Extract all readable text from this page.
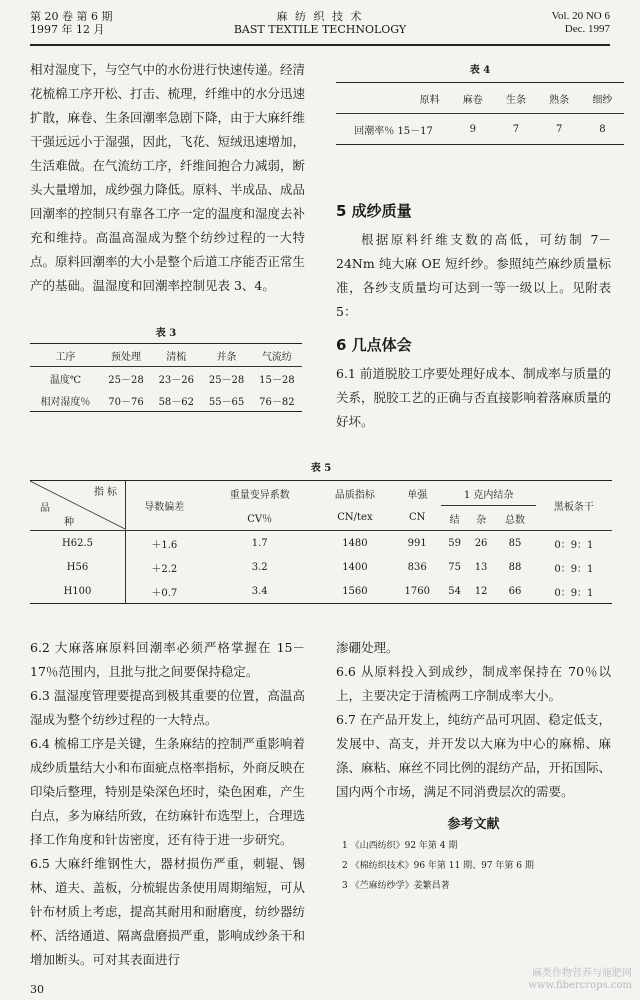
第 20 卷 第 6 期
1997 年 12 月
麻 纺 织 技 术
BAST TEXTILE TECHNOLOGY
Vol. 20 NO 6
Dec. 1997

相对湿度下，与空气中的水份进行快速传递。经清花梳棉工序开松、打击、梳理，纤维中的水分迅速扩散，麻卷、生条回潮率急剧下降，由于大麻纤维干强远远小于湿强，因此，飞花、短绒迅速增加，生活难做。在气流纺工序，纤维间抱合力减弱，断头大量增加，成纱强力降低。原料、半成品、成品回潮率的控制只有靠各工序一定的温度和湿度去补充和维持。高温高湿成为整个纺纱过程的一大特点。原料回潮率的大小是整个后道工序能否正常生产的基础。温湿度和回潮率控制见表 3、4。

表 3
工序	预处理	清梳	并条	气流纺
温度℃	25－28	23－26	25－28	15－28
相对湿度％	70－76	58－62	55－65	76－82
表 4
	原料	麻卷	生条	熟条	细纱
回潮率％ 15－17		9	7	7	8
5 成纱质量

根据原料纤维支数的高低，可纺制 7－24Nm 纯大麻 OE 短纤纱。参照纯苎麻纱质量标准，各纱支质量均可达到一等一级以上。见附表 5：

6 几点体会

6.1 前道脱胶工序要处理好成本、制成率与质量的关系，脱胶工艺的正确与否直接影响着落麻质量的好坏。

表 5
指 标
品
种	导数偏差	重量变异系数	品质指标	单强	1 克内结杂			黑板条干
		CV％	CN/tex	CN	结	杂	总数	
H62.5	＋1.6	1.7	1480	991	59	26	85	0：9：1
H56	＋2.2	3.2	1400	836	75	13	88	0：9：1
H100	＋0.7	3.4	1560	1760	54	12	66	0：9：1

6.2 大麻落麻原料回潮率必须严格掌握在 15－17％范围内，且批与批之间要保持稳定。

6.3 温湿度管理要提高到极其重要的位置，高温高湿成为整个纺纱过程的一大特点。

6.4 梳棉工序是关键，生条麻结的控制严重影响着成纱质量结大小和布面疵点格率指标，外商反映在印染后整理，特别是染深色坯时，染色困难，产生白点，多为麻结所致，在纺麻针布选型上，合理选择工作角度和针齿密度，还有待于进一步研究。

6.5 大麻纤维钢性大，器材损伤严重，刺辊、锡林、道夫、盖板，分梳辊齿条使用周期缩短，可从针布材质上考虑，提高其耐用和耐磨度，纺纱器纺杯、活络通道、隔离盘磨损严重，影响成纱条干和增加断头。可对其表面进行

渗硼处理。

6.6 从原料投入到成纱，制成率保持在 70％以上，主要决定于清梳两工序制成率大小。

6.7 在产品开发上，纯纺产品可巩固、稳定低支，发展中、高支，并开发以大麻为中心的麻棉、麻涤、麻粘、麻丝不同比例的混纺产品，开拓国际、国内两个市场，满足不同消费层次的需要。

参考文献
1 《山西纺织》92 年第 4 期
2 《棉纺织技术》96 年第 11 期、97 年第 6 期
3 《苎麻纺纱学》姜繁昌著
30
麻类作物营养与施肥网
www.fibercrops.com
